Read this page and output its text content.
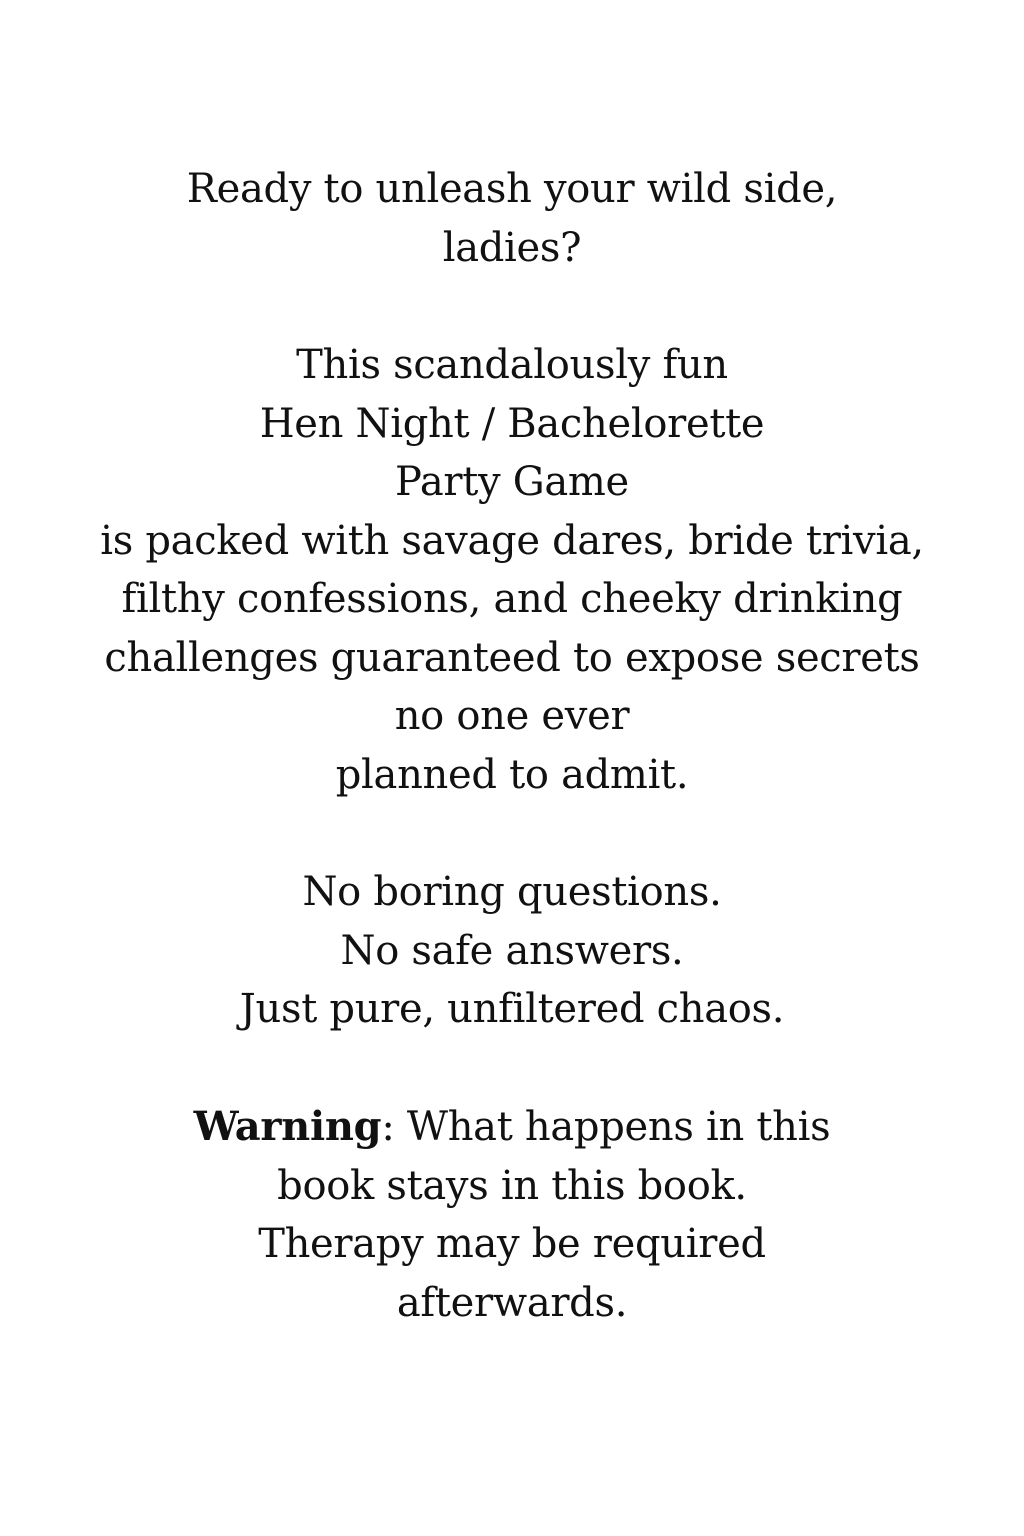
Ready to unleash your wild side,
ladies?
This scandalously fun
Hen Night / Bachelorette
Party Game
is packed with savage dares, bride trivia,
filthy confessions, and cheeky drinking
challenges guaranteed to expose secrets
no one ever
planned to admit.
No boring questions.
No safe answers.
Just pure, unfiltered chaos.
Warning: What happens in this
book stays in this book.
Therapy may be required
afterwards.
